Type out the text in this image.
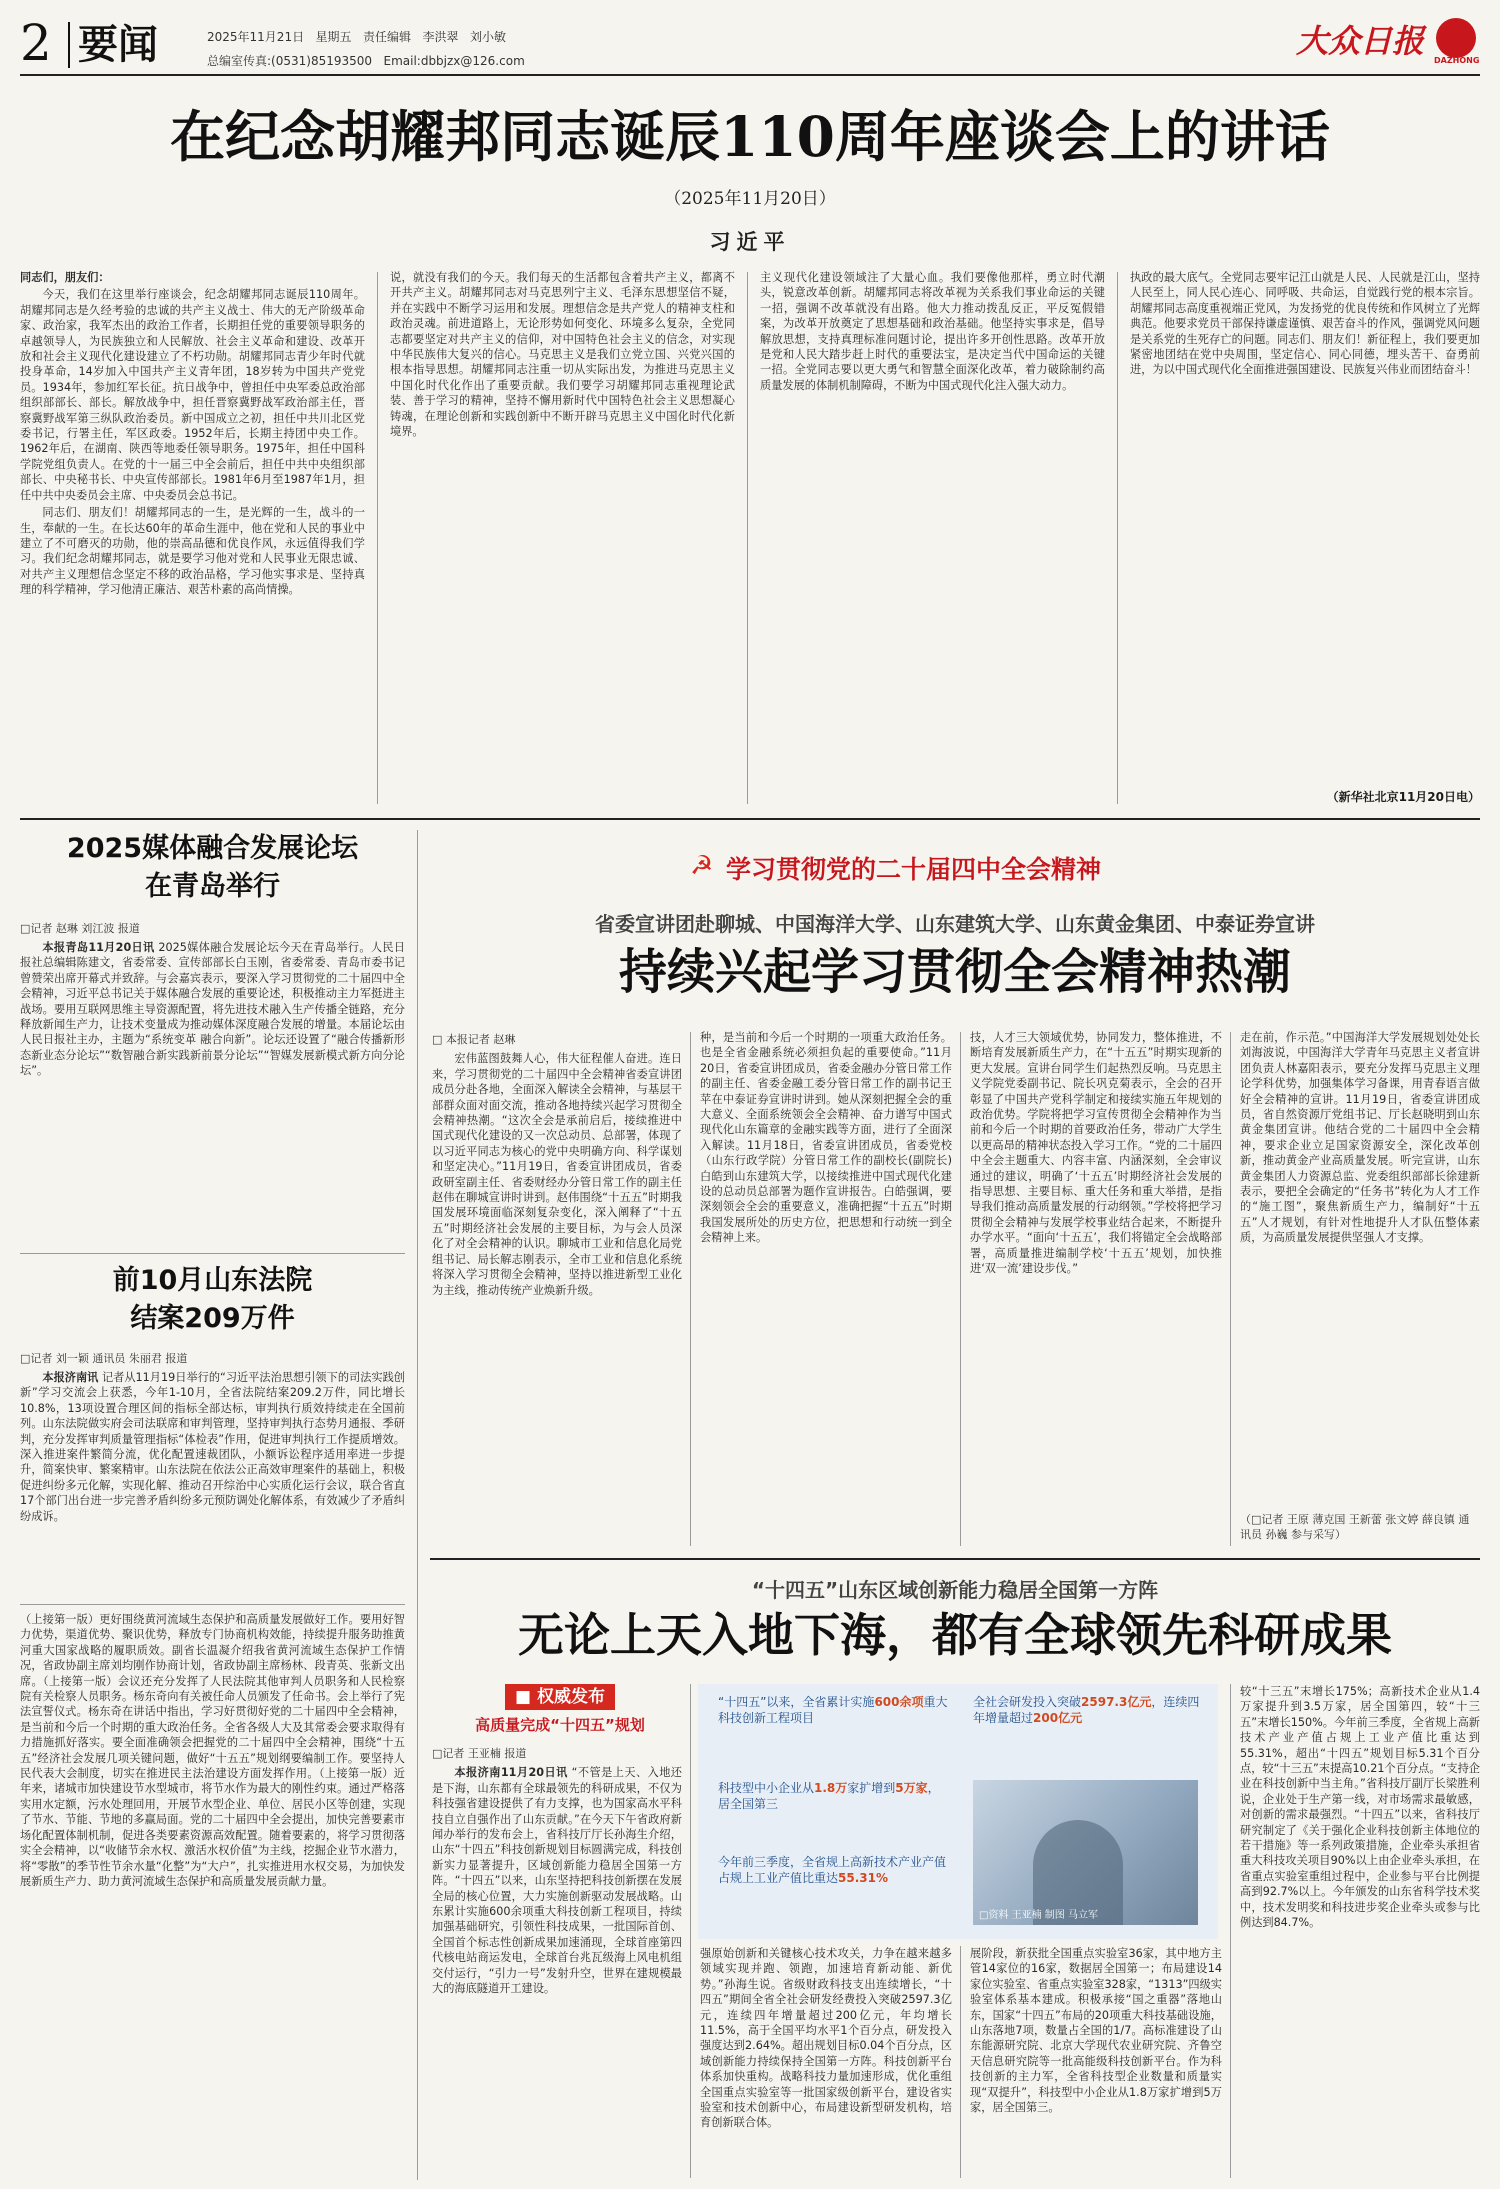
2 要闻	2025年11月21日 星期五 责任编辑 李洪翠 刘小敏
总编室传真:(0531)85193500 Email:dbbjzx@126.com
大众日报
DAZHONG
在纪念胡耀邦同志诞辰110周年座谈会上的讲话
（2025年11月20日）
习近平

同志们，朋友们：

今天，我们在这里举行座谈会，纪念胡耀邦同志诞辰110周年。胡耀邦同志是久经考验的忠诚的共产主义战士、伟大的无产阶级革命家、政治家，我军杰出的政治工作者，长期担任党的重要领导职务的卓越领导人，为民族独立和人民解放、社会主义革命和建设、改革开放和社会主义现代化建设建立了不朽功勋。胡耀邦同志青少年时代就投身革命，14岁加入中国共产主义青年团，18岁转为中国共产党党员。1934年，参加红军长征。抗日战争中，曾担任中央军委总政治部组织部部长、部长。解放战争中，担任晋察冀野战军政治部主任，晋察冀野战军第三纵队政治委员。新中国成立之初，担任中共川北区党委书记，行署主任，军区政委。1952年后，长期主持团中央工作。1962年后，在湖南、陕西等地委任领导职务。1975年，担任中国科学院党组负责人。在党的十一届三中全会前后，担任中共中央组织部部长、中央秘书长、中央宣传部部长。1981年6月至1987年1月，担任中共中央委员会主席、中央委员会总书记。

同志们、朋友们！胡耀邦同志的一生，是光辉的一生，战斗的一生，奉献的一生。在长达60年的革命生涯中，他在党和人民的事业中建立了不可磨灭的功勋，他的崇高品德和优良作风，永远值得我们学习。我们纪念胡耀邦同志，就是要学习他对党和人民事业无限忠诚、对共产主义理想信念坚定不移的政治品格，学习他实事求是、坚持真理的科学精神，学习他清正廉洁、艰苦朴素的高尚情操。

说，就没有我们的今天。我们每天的生活都包含着共产主义，都离不开共产主义。胡耀邦同志对马克思列宁主义、毛泽东思想坚信不疑，并在实践中不断学习运用和发展。理想信念是共产党人的精神支柱和政治灵魂。前进道路上，无论形势如何变化、环境多么复杂，全党同志都要坚定对共产主义的信仰，对中国特色社会主义的信念，对实现中华民族伟大复兴的信心。马克思主义是我们立党立国、兴党兴国的根本指导思想。胡耀邦同志注重一切从实际出发，为推进马克思主义中国化时代化作出了重要贡献。我们要学习胡耀邦同志重视理论武装、善于学习的精神，坚持不懈用新时代中国特色社会主义思想凝心铸魂，在理论创新和实践创新中不断开辟马克思主义中国化时代化新境界。

主义现代化建设领域注了大量心血。我们要像他那样，勇立时代潮头，锐意改革创新。胡耀邦同志将改革视为关系我们事业命运的关键一招，强调不改革就没有出路。他大力推动拨乱反正，平反冤假错案，为改革开放奠定了思想基础和政治基础。他坚持实事求是，倡导解放思想，支持真理标准问题讨论，提出许多开创性思路。改革开放是党和人民大踏步赶上时代的重要法宝，是决定当代中国命运的关键一招。全党同志要以更大勇气和智慧全面深化改革，着力破除制约高质量发展的体制机制障碍，不断为中国式现代化注入强大动力。

执政的最大底气。全党同志要牢记江山就是人民、人民就是江山，坚持人民至上，同人民心连心、同呼吸、共命运，自觉践行党的根本宗旨。胡耀邦同志高度重视端正党风，为发扬党的优良传统和作风树立了光辉典范。他要求党员干部保持谦虚谨慎、艰苦奋斗的作风，强调党风问题是关系党的生死存亡的问题。同志们、朋友们！新征程上，我们要更加紧密地团结在党中央周围，坚定信心、同心同德，埋头苦干、奋勇前进，为以中国式现代化全面推进强国建设、民族复兴伟业而团结奋斗！

（新华社北京11月20日电）
2025媒体融合发展论坛
在青岛举行
□记者 赵琳 刘江波 报道

本报青岛11月20日讯 2025媒体融合发展论坛今天在青岛举行。人民日报社总编辑陈建文，省委常委、宣传部部长白玉刚，省委常委、青岛市委书记曾赞荣出席开幕式并致辞。与会嘉宾表示，要深入学习贯彻党的二十届四中全会精神，习近平总书记关于媒体融合发展的重要论述，积极推动主力军挺进主战场。要用互联网思维主导资源配置，将先进技术融入生产传播全链路，充分释放新闻生产力，让技术变量成为推动媒体深度融合发展的增量。本届论坛由人民日报社主办，主题为“系统变革 融合向新”。论坛还设置了“融合传播新形态新业态分论坛”“数智融合新实践新前景分论坛”“智媒发展新模式新方向分论坛”。

前10月山东法院
结案209万件
□记者 刘一颖 通讯员 朱丽君 报道

本报济南讯 记者从11月19日举行的“习近平法治思想引领下的司法实践创新”学习交流会上获悉，今年1-10月，全省法院结案209.2万件，同比增长10.8%，13项设置合理区间的指标全部达标，审判执行质效持续走在全国前列。山东法院做实府会司法联席和审判管理，坚持审判执行态势月通报、季研判，充分发挥审判质量管理指标“体检表”作用，促进审判执行工作提质增效。深入推进案件繁简分流，优化配置速裁团队，小额诉讼程序适用率进一步提升，简案快审、繁案精审。山东法院在依法公正高效审理案件的基础上，积极促进纠纷多元化解，实现化解、推动召开综治中心实质化运行会议，联合省直17个部门出台进一步完善矛盾纠纷多元预防调处化解体系，有效减少了矛盾纠纷成诉。

（上接第一版）更好围绕黄河流域生态保护和高质量发展做好工作。要用好智力优势，渠道优势、聚识优势，释放专门协商机构效能，持续提升服务助推黄河重大国家战略的履职质效。副省长温凝介绍我省黄河流域生态保护工作情况，省政协副主席刘均刚作协商计划，省政协副主席杨林、段青英、张新文出席。（上接第一版）会议还充分发挥了人民法院其他审判人员职务和人民检察院有关检察人员职务。杨东奇向有关被任命人员颁发了任命书。会上举行了宪法宣誓仪式。杨东奇在讲话中指出，学习好贯彻好党的二十届四中全会精神，是当前和今后一个时期的重大政治任务。全省各级人大及其常委会要求取得有力措施抓好落实。要全面准确领会把握党的二十届四中全会精神，围绕“十五五”经济社会发展几项关键问题，做好“十五五”规划纲要编制工作。要坚持人民代表大会制度，切实在推进民主法治建设方面发挥作用。（上接第一版）近年来，诸城市加快建设节水型城市，将节水作为最大的刚性约束。通过严格落实用水定额，污水处理回用，开展节水型企业、单位、居民小区等创建，实现了节水、节能、节地的多赢局面。党的二十届四中全会提出，加快完善要素市场化配置体制机制，促进各类要素资源高效配置。随着要素的，将学习贯彻落实全会精神，以“收储节余水权、激活水权价值”为主线，挖掘企业节水潜力，将“零散”的季节性节余水量“化整”为“大户”，扎实推进用水权交易，为加快发展新质生产力、助力黄河流域生态保护和高质量发展贡献力量。

☭ 学习贯彻党的二十届四中全会精神
省委宣讲团赴聊城、中国海洋大学、山东建筑大学、山东黄金集团、中泰证券宣讲
持续兴起学习贯彻全会精神热潮
□ 本报记者 赵琳

宏伟蓝图鼓舞人心，伟大征程催人奋进。连日来，学习贯彻党的二十届四中全会精神省委宣讲团成员分赴各地，全面深入解读全会精神，与基层干部群众面对面交流，推动各地持续兴起学习贯彻全会精神热潮。“这次全会是承前启后，接续推进中国式现代化建设的又一次总动员、总部署，体现了以习近平同志为核心的党中央明确方向、科学谋划和坚定决心。”11月19日，省委宣讲团成员，省委政研室副主任、省委财经办分管日常工作的副主任赵伟在聊城宣讲时讲到。赵伟围绕“十五五”时期我国发展环境面临深刻复杂变化，深入阐释了“十五五”时期经济社会发展的主要目标，为与会人员深化了对全会精神的认识。聊城市工业和信息化局党组书记、局长解志刚表示，全市工业和信息化系统将深入学习贯彻全会精神，坚持以推进新型工业化为主线，推动传统产业焕新升级。

种，是当前和今后一个时期的一项重大政治任务。也是全省金融系统必须担负起的重要使命。”11月20日，省委宣讲团成员，省委金融办分管日常工作的副主任、省委金融工委分管日常工作的副书记王苹在中泰证券宣讲时讲到。她从深刻把握全会的重大意义、全面系统领会全会精神、奋力谱写中国式现代化山东篇章的金融实践等方面，进行了全面深入解读。11月18日，省委宣讲团成员，省委党校（山东行政学院）分管日常工作的副校长(副院长)白皓到山东建筑大学，以接续推进中国式现代化建设的总动员总部署为题作宣讲报告。白皓强调，要深刻领会全会的重要意义，准确把握“十五五”时期我国发展所处的历史方位，把思想和行动统一到全会精神上来。

技，人才三大领域优势，协同发力，整体推进，不断培育发展新质生产力，在“十五五”时期实现新的更大发展。宣讲台同学生们起热烈反响。马克思主义学院党委副书记、院长巩克菊表示，全会的召开彰显了中国共产党科学制定和接续实施五年规划的政治优势。学院将把学习宣传贯彻全会精神作为当前和今后一个时期的首要政治任务，带动广大学生以更高昂的精神状态投入学习工作。“党的二十届四中全会主题重大、内容丰富、内涵深刻，全会审议通过的建议，明确了‘十五五’时期经济社会发展的指导思想、主要目标、重大任务和重大举措，是指导我们推动高质量发展的行动纲领。”学校将把学习贯彻全会精神与发展学校事业结合起来，不断提升办学水平。“面向‘十五五’，我们将锚定全会战略部署，高质量推进编制学校‘十五五’规划，加快推进‘双一流’建设步伐。”

走在前，作示范。”中国海洋大学发展规划处处长刘海波说，中国海洋大学青年马克思主义者宣讲团负责人林嘉阳表示，要充分发挥马克思主义理论学科优势，加强集体学习备课，用青春语言做好全会精神的宣讲。11月19日，省委宣讲团成员，省自然资源厅党组书记、厅长赵晓明到山东黄金集团宣讲。他结合党的二十届四中全会精神，要求企业立足国家资源安全，深化改革创新，推动黄金产业高质量发展。听完宣讲，山东黄金集团人力资源总监、党委组织部部长徐建新表示，要把全会确定的“任务书”转化为人才工作的“施工图”，聚焦新质生产力，编制好“十五五”人才规划，有针对性地提升人才队伍整体素质，为高质量发展提供坚强人才支撑。

（□记者 王原 薄克国 王新蕾 张文婷 薛良镇 通讯员 孙巍 参与采写）
“十四五”山东区域创新能力稳居全国第一方阵
无论上天入地下海，都有全球领先科研成果
■ 权威发布
高质量完成“十四五”规划
□记者 王亚楠 报道

本报济南11月20日讯 “不管是上天、入地还是下海，山东都有全球最领先的科研成果，不仅为科技强省建设提供了有力支撑，也为国家高水平科技自立自强作出了山东贡献。”在今天下午省政府新闻办举行的发布会上，省科技厅厅长孙海生介绍，山东“十四五”科技创新规划目标圆满完成，科技创新实力显著提升，区域创新能力稳居全国第一方阵。“十四五”以来，山东坚持把科技创新摆在发展全局的核心位置，大力实施创新驱动发展战略。山东累计实施600余项重大科技创新工程项目，持续加强基础研究，引领性科技成果，一批国际首创、全国首个标志性创新成果加速涌现，全球首座第四代核电站商运发电，全球首台兆瓦级海上风电机组交付运行，“引力一号”发射升空，世界在建规模最大的海底隧道开工建设。

“十四五”以来，全省累计实施600余项重大科技创新工程项目
全社会研发投入突破2597.3亿元，连续四年增量超过200亿元
科技型中小企业从1.8万家扩增到5万家，居全国第三
今年前三季度，全省规上高新技术产业产值占规上工业产值比重达55.31%
□资料 王亚楠 制图 马立军

强原始创新和关键核心技术攻关，力争在越来越多领域实现并跑、领跑，加速培育新动能、新优势。”孙海生说。省级财政科技支出连续增长，“十四五”期间全省全社会研发经费投入突破2597.3亿元，连续四年增量超过200亿元，年均增长11.5%，高于全国平均水平1个百分点，研发投入强度达到2.64%。超出规划目标0.04个百分点，区域创新能力持续保持全国第一方阵。科技创新平台体系加快重构。战略科技力量加速形成，优化重组全国重点实验室等一批国家级创新平台，建设省实验室和技术创新中心，布局建设新型研发机构，培育创新联合体。

展阶段，新获批全国重点实验室36家，其中地方主管14家位的16家，数据居全国第一；布局建设14家位实验室、省重点实验室328家，“1313”四级实验室体系基本建成。积极承接“国之重器”落地山东，国家“十四五”布局的20项重大科技基础设施，山东落地7项，数量占全国的1/7。高标准建设了山东能源研究院、北京大学现代农业研究院、齐鲁空天信息研究院等一批高能级科技创新平台。作为科技创新的主力军，全省科技型企业数量和质量实现“双提升”，科技型中小企业从1.8万家扩增到5万家，居全国第三。

较“十三五”末增长175%；高新技术企业从1.4万家提升到3.5万家，居全国第四，较“十三五”末增长150%。今年前三季度，全省规上高新技术产业产值占规上工业产值比重达到55.31%，超出“十四五”规划目标5.31个百分点，较“十三五”末提高10.21个百分点。“支持企业在科技创新中当主角。”省科技厅副厅长梁胜利说，企业处于生产第一线，对市场需求最敏感，对创新的需求最强烈。“十四五”以来，省科技厅研究制定了《关于强化企业科技创新主体地位的若干措施》等一系列政策措施，企业牵头承担省重大科技攻关项目90%以上由企业牵头承担，在省重点实验室重组过程中，企业参与平台比例提高到92.7%以上。今年颁发的山东省科学技术奖中，技术发明奖和科技进步奖企业牵头或参与比例达到84.7%。
